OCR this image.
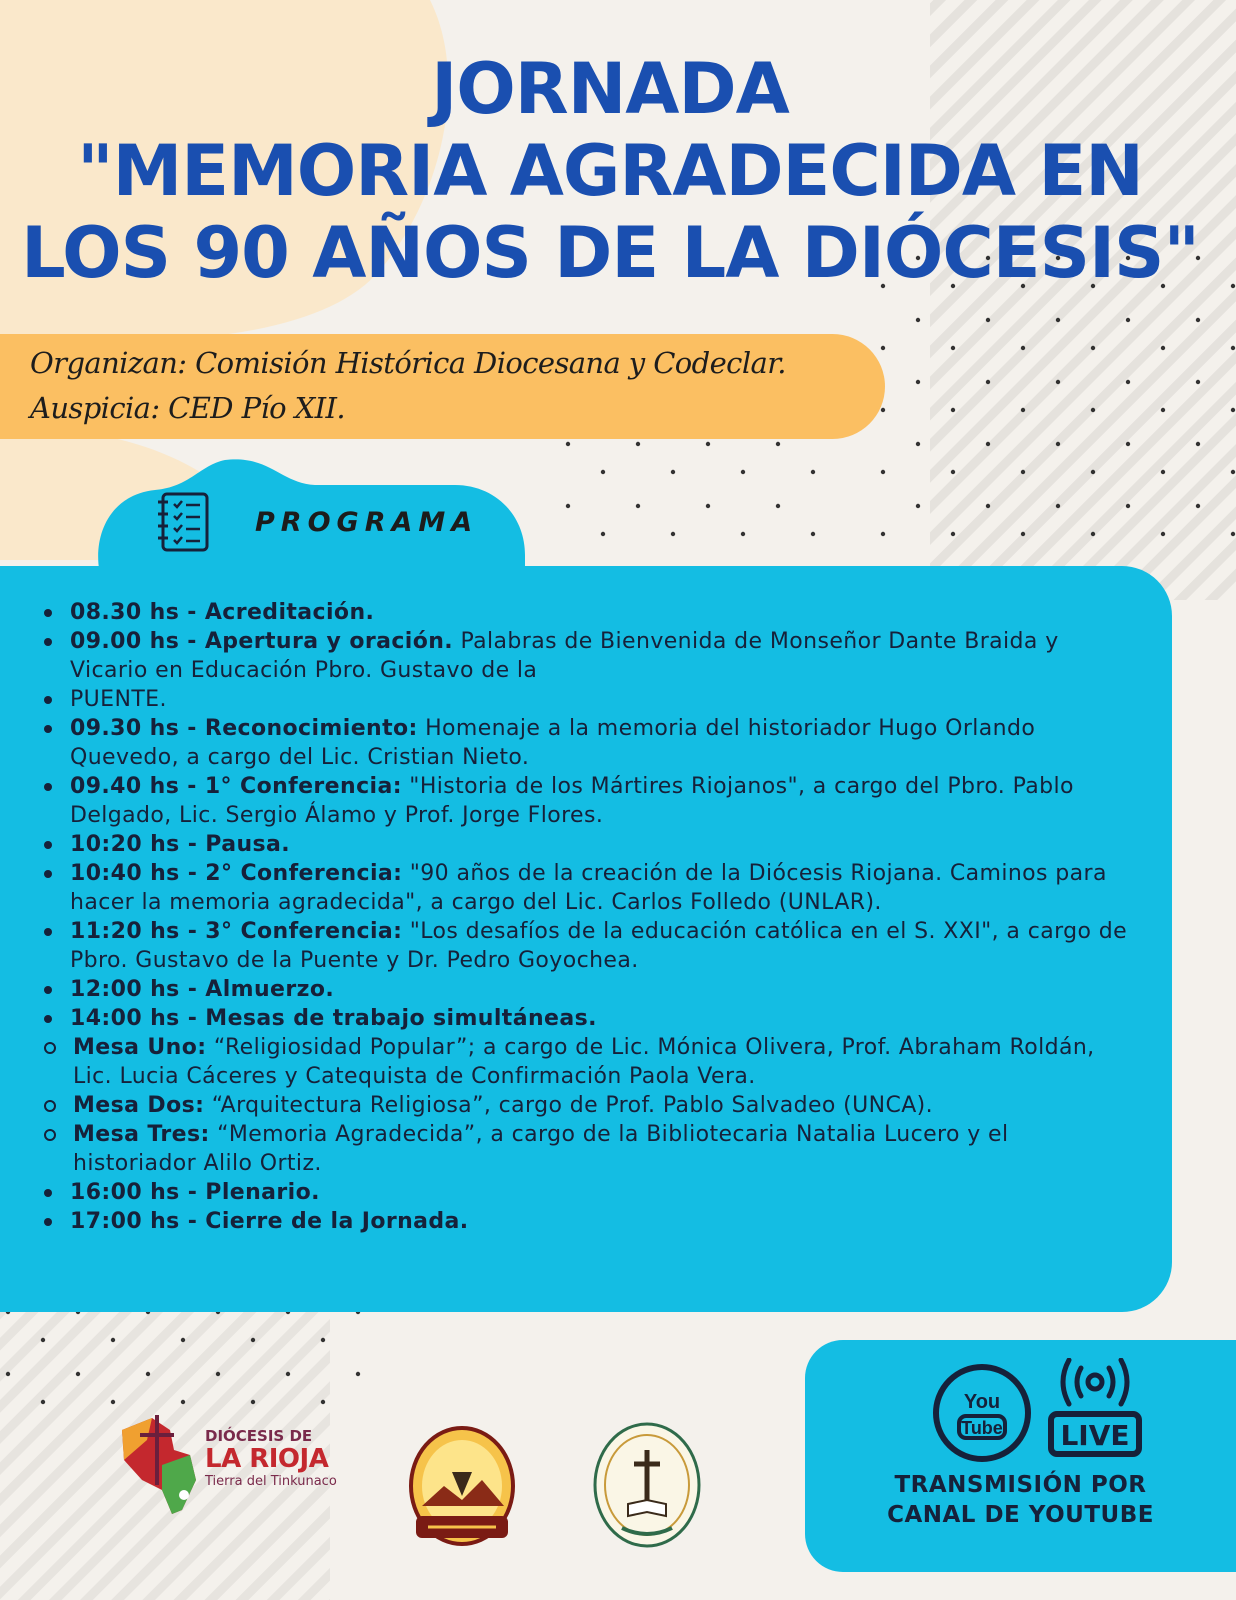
JORNADA
"MEMORIA AGRADECIDA EN
LOS 90 AÑOS DE LA DIÓCESIS"
Organizan: Comisión Histórica Diocesana y Codeclar.
Auspicia: CED Pío XII.
PROGRAMA
08.30 hs - Acreditación.
09.00 hs - Apertura y oración. Palabras de Bienvenida de Monseñor Dante Braida y Vicario en Educación Pbro. Gustavo de la
PUENTE.
09.30 hs - Reconocimiento: Homenaje a la memoria del historiador Hugo Orlando Quevedo, a cargo del Lic. Cristian Nieto.
09.40 hs - 1° Conferencia: "Historia de los Mártires Riojanos", a cargo del Pbro. Pablo Delgado, Lic. Sergio Álamo y Prof. Jorge Flores.
10:20 hs - Pausa.
10:40 hs - 2° Conferencia: "90 años de la creación de la Diócesis Riojana. Caminos para hacer la memoria agradecida", a cargo del Lic. Carlos Folledo (UNLAR).
11:20 hs - 3° Conferencia: "Los desafíos de la educación católica en el S. XXI", a cargo de Pbro. Gustavo de la Puente y Dr. Pedro Goyochea.
12:00 hs - Almuerzo.
14:00 hs - Mesas de trabajo simultáneas.
Mesa Uno: “Religiosidad Popular”; a cargo de Lic. Mónica Olivera, Prof. Abraham Roldán, Lic. Lucia Cáceres y Catequista de Confirmación Paola Vera.
Mesa Dos: “Arquitectura Religiosa”, cargo de Prof. Pablo Salvadeo (UNCA).
Mesa Tres: “Memoria Agradecida”, a cargo de la Bibliotecaria Natalia Lucero y el historiador Alilo Ortiz.
16:00 hs - Plenario.
17:00 hs - Cierre de la Jornada.
DIÓCESIS DE
LA RIOJA
Tierra del Tinkunaco
You
Tube LIVE
TRANSMISIÓN POR
CANAL DE YOUTUBE
